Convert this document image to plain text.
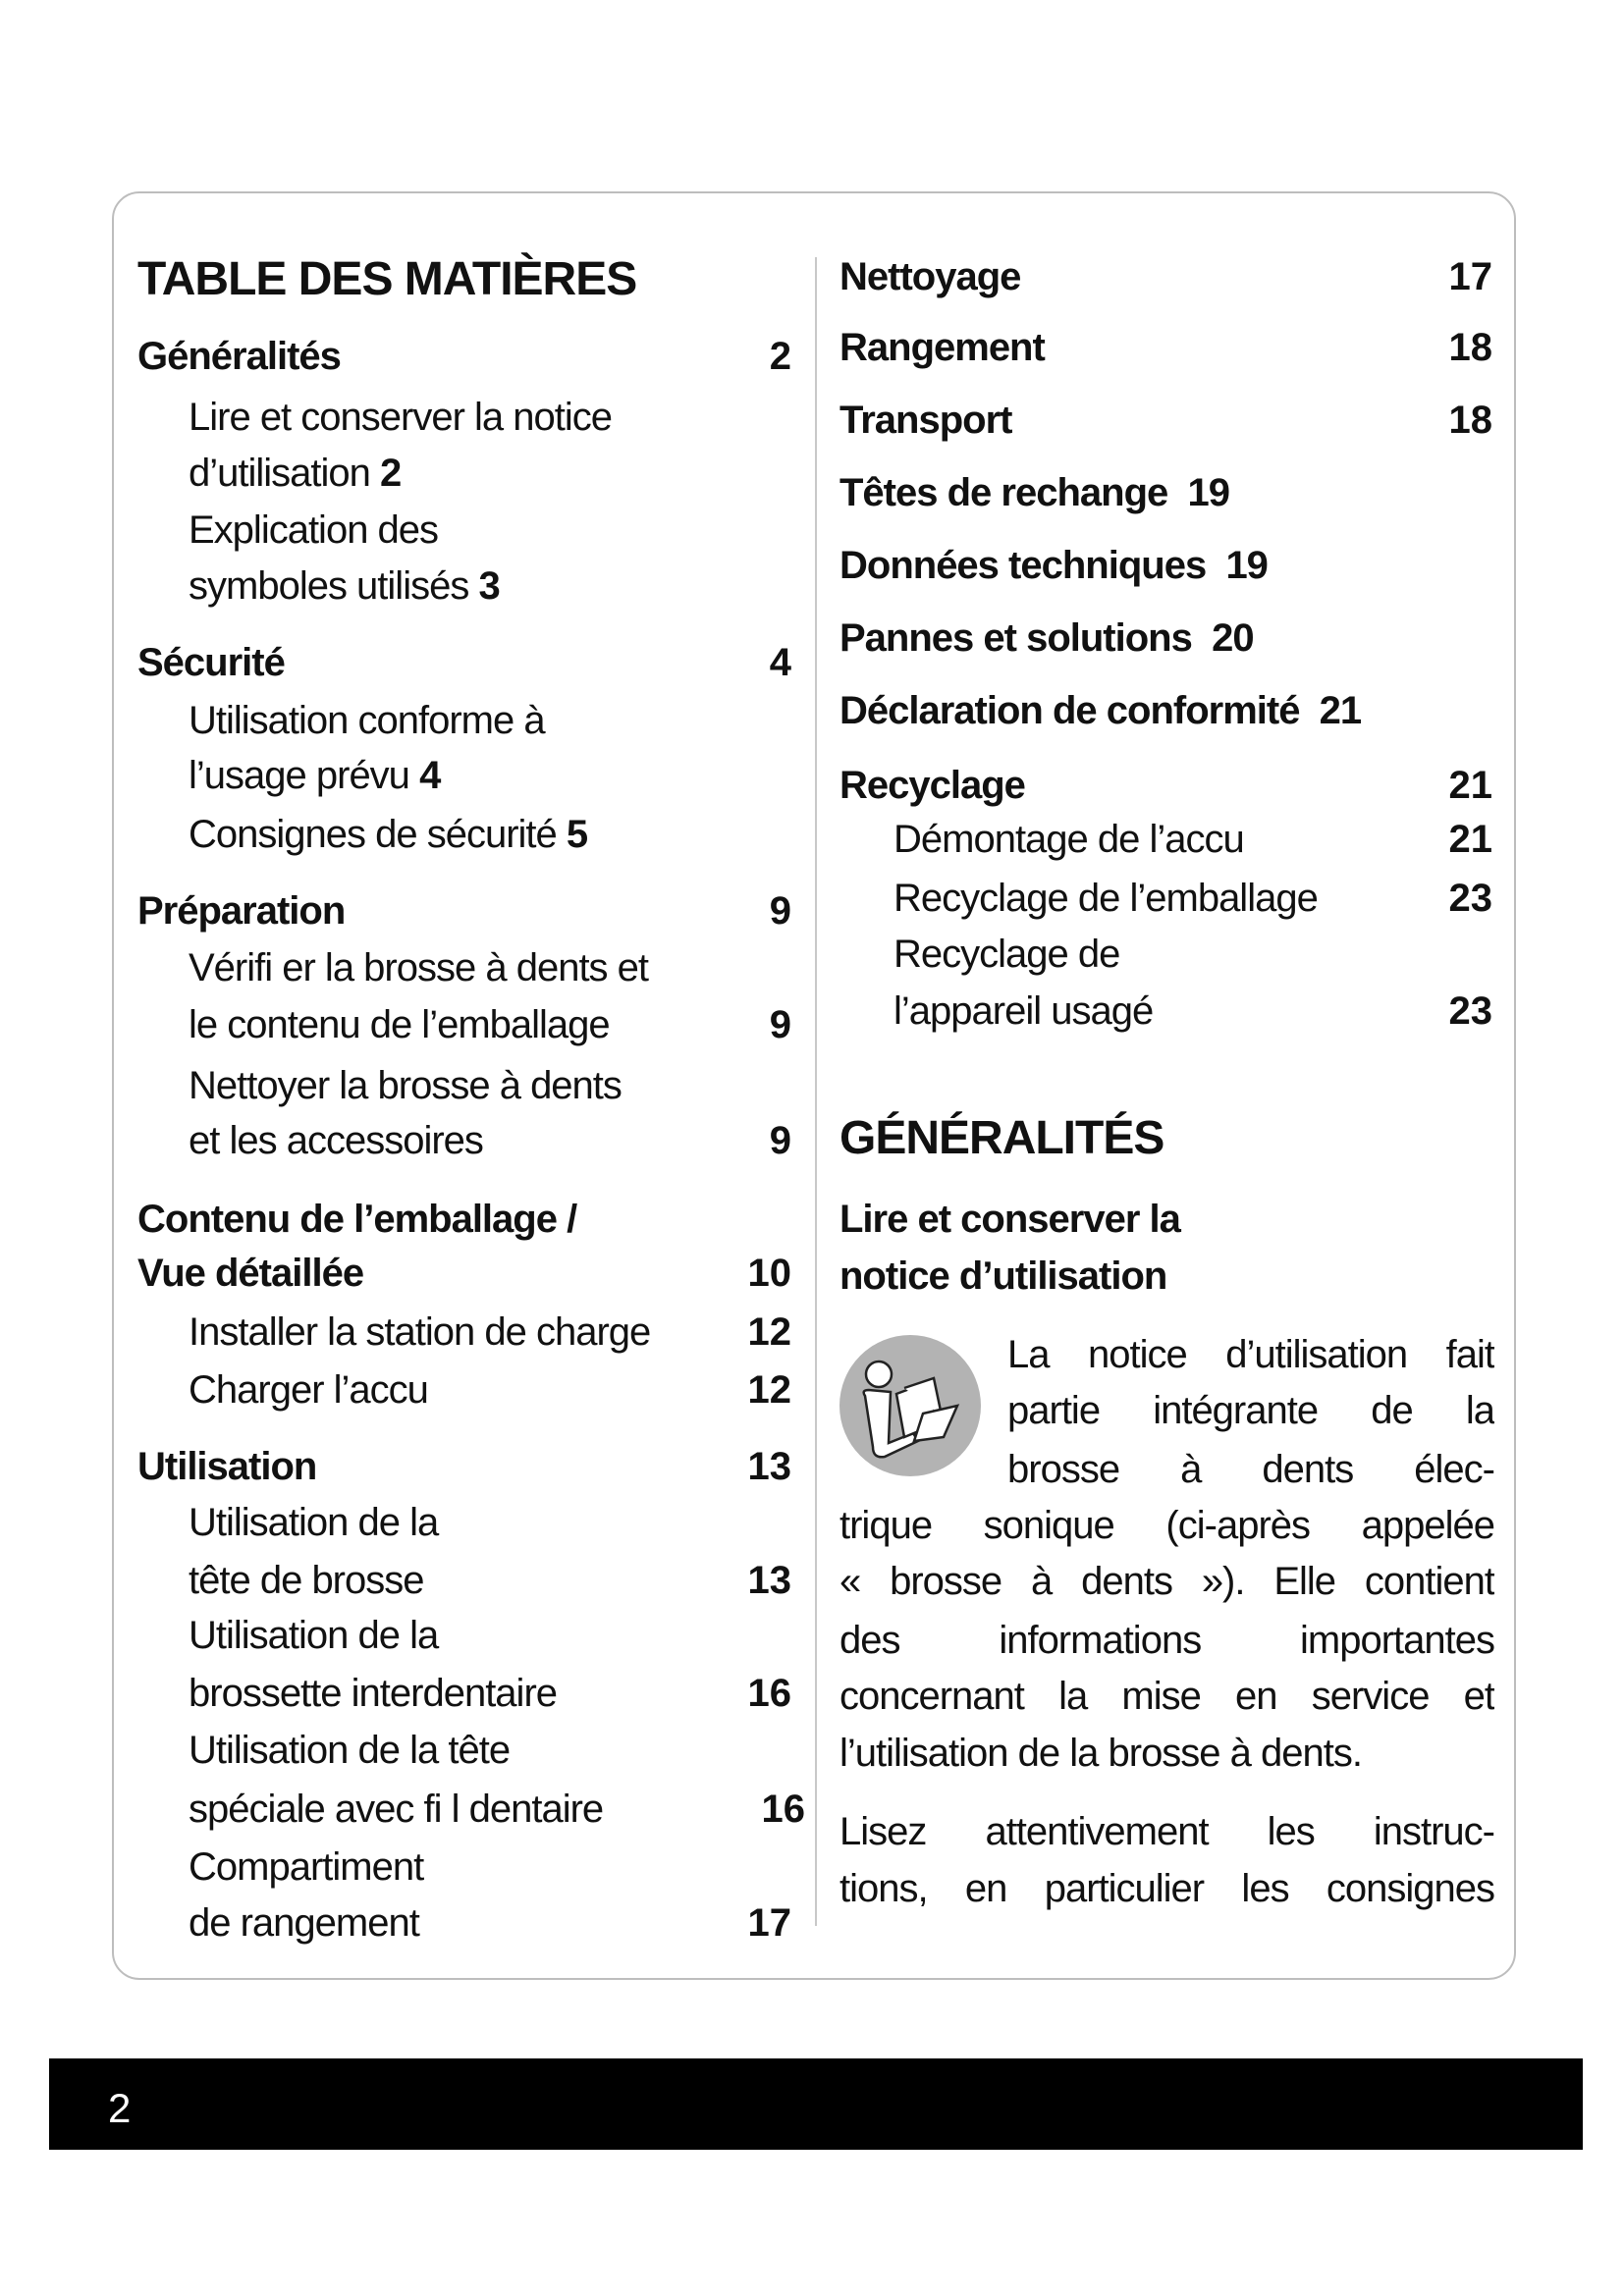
TABLE DES MATIÈRES
Généralités	2
Lire et conserver la notice
d’utilisation 2
Explication des
symboles utilisés 3
Sécurité	4
Utilisation conforme à
l’usage prévu 4
Consignes de sécurité 5
Préparation	9
Vérifi er la brosse à dents et
le contenu de l’emballage	9
Nettoyer la brosse à dents
et les accessoires	9
Contenu de l’emballage /
Vue détaillée	10
Installer la station de charge	12
Charger l’accu	12
Utilisation	13
Utilisation de la
tête de brosse	13
Utilisation de la
brossette interdentaire	16
Utilisation de la tête
spéciale avec fi l dentaire	16
Compartiment
de rangement	17
Nettoyage	17
Rangement	18
Transport	18
Têtes de rechange 19
Données techniques 19
Pannes et solutions 20
Déclaration de conformité 21
Recyclage	21
Démontage de l’accu	21
Recyclage de l’emballage	23
Recyclage de
l’appareil usagé	23
GÉNÉRALITÉS
Lire et conserver la
notice d’utilisation
La notice d’utilisation fait
partie intégrante de la
brosse à dents élec-
trique sonique (ci-après appelée
« brosse à dents »). Elle contient
des informations importantes
concernant la mise en service et
l’utilisation de la brosse à dents.
Lisez attentivement les instruc-
tions, en particulier les consignes
2
